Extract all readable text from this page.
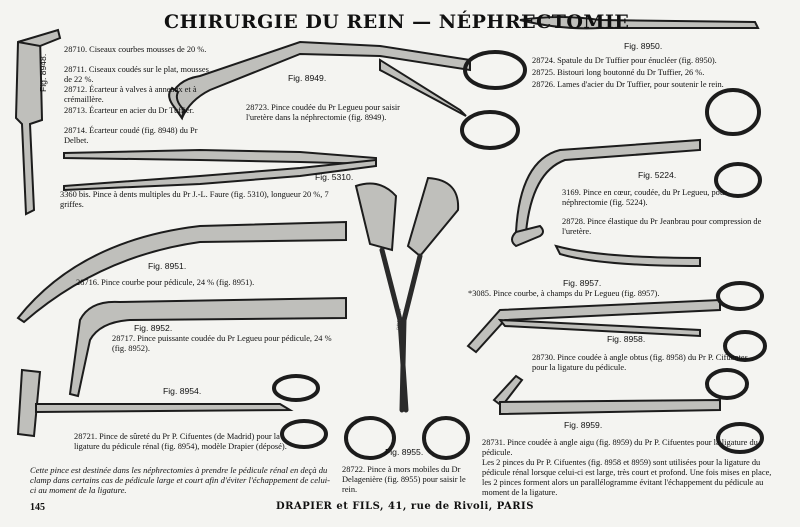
DRAPIER
CHIRURGIE DU REIN — NÉPHRECTOMIE
Fig. 8948.	Fig. 8949.
Fig. 8950.
Fig. 5310.	Fig. 5224.
Fig. 8951.
Fig. 8957.
Fig. 8952.
Fig. 8958.
Fig. 8954.
Fig. 8955.
Fig. 8959.
28710. Ciseaux courbes mousses de 20 %.
28711. Ciseaux coudés sur le plat, mousses de 22 %.
28712. Écarteur à valves à anneaux et à crémaillère.
28713. Écarteur en acier du Dr Tuffier.
28714. Écarteur coudé (fig. 8948) du Pr Delbet.
28723. Pince coudée du Pr Legueu pour saisir l'uretère dans la néphrectomie (fig. 8949).
28724. Spatule du Dr Tuffier pour énucléer (fig. 8950).
28725. Bistouri long boutonné du Dr Tuffier, 26 %.
28726. Lames d'acier du Dr Tuffier, pour soutenir le rein.
3360 bis. Pince à dents multiples du Pr J.-L. Faure (fig. 5310), longueur 20 %, 7 griffes.
3169. Pince en cœur, coudée, du Pr Legueu, pour néphrectomie (fig. 5224).
28728. Pince élastique du Pr Jeanbrau pour compression de l'uretère.
28716. Pince courbe pour pédicule, 24 % (fig. 8951).
*3085. Pince courbe, à champs du Pr Legueu (fig. 8957).
28717. Pince puissante coudée du Pr Legueu pour pédicule, 24 % (fig. 8952).
28730. Pince coudée à angle obtus (fig. 8958) du Pr P. Cifuentes pour la ligature du pédicule.
28721. Pince de sûreté du Pr P. Cifuentes (de Madrid) pour la ligature du pédicule rénal (fig. 8954), modèle Drapier (déposé).
28722. Pince à mors mobiles du Dr Delagenière (fig. 8955) pour saisir le rein.
28731. Pince coudée à angle aigu (fig. 8959) du Pr P. Cifuentes pour la ligature du pédicule.
Cette pince est destinée dans les néphrectomies à prendre le pédicule rénal en deçà du clamp dans certains cas de pédicule large et court afin d'éviter l'échappement de celui-ci au moment de la ligature.
Les 2 pinces du Pr P. Cifuentes (fig. 8958 et 8959) sont utilisées pour la ligature du pédicule rénal lorsque celui-ci est large, très court et profond. Une fois mises en place, les 2 pinces forment alors un parallélogramme évitant l'échappement du pédicule au moment de la ligature.
145	DRAPIER et FILS, 41, rue de Rivoli, PARIS
